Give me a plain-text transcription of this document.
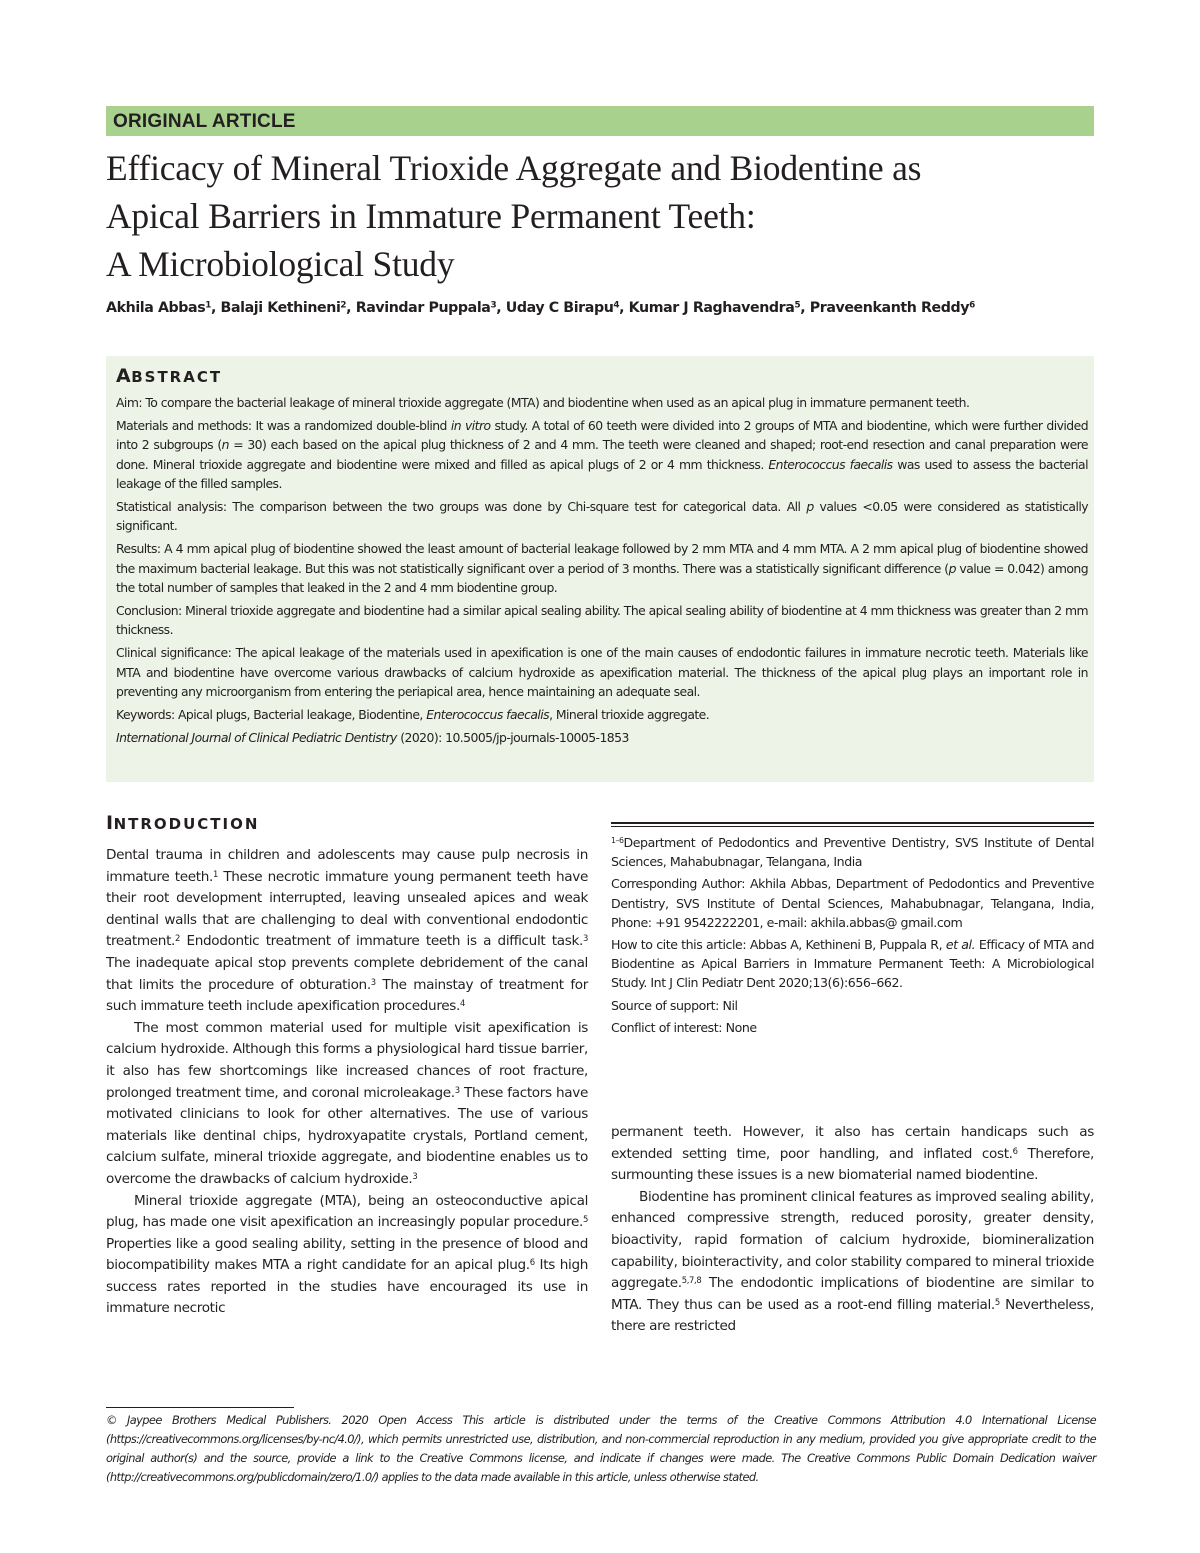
ORIGINAL ARTICLE
Efficacy of Mineral Trioxide Aggregate and Biodentine as
Apical Barriers in Immature Permanent Teeth:
A Microbiological Study
Akhila Abbas$^1$, Balaji Kethineni$^2$, Ravindar Puppala$^3$, Uday C Birapu$^4$, Kumar J Raghavendra$^5$, Praveenkanth Reddy$^6$
ABSTRACT

Aim: To compare the bacterial leakage of mineral trioxide aggregate (MTA) and biodentine when used as an apical plug in immature permanent teeth.

Materials and methods: It was a randomized double-blind in vitro study. A total of 60 teeth were divided into 2 groups of MTA and biodentine, which were further divided into 2 subgroups (n = 30) each based on the apical plug thickness of 2 and 4 mm. The teeth were cleaned and shaped; root-end resection and canal preparation were done. Mineral trioxide aggregate and biodentine were mixed and filled as apical plugs of 2 or 4 mm thickness. Enterococcus faecalis was used to assess the bacterial leakage of the filled samples.

Statistical analysis: The comparison between the two groups was done by Chi-square test for categorical data. All p values <0.05 were considered as statistically significant.

Results: A 4 mm apical plug of biodentine showed the least amount of bacterial leakage followed by 2 mm MTA and 4 mm MTA. A 2 mm apical plug of biodentine showed the maximum bacterial leakage. But this was not statistically significant over a period of 3 months. There was a statistically significant difference (p value = 0.042) among the total number of samples that leaked in the 2 and 4 mm biodentine group.

Conclusion: Mineral trioxide aggregate and biodentine had a similar apical sealing ability. The apical sealing ability of biodentine at 4 mm thickness was greater than 2 mm thickness.

Clinical significance: The apical leakage of the materials used in apexification is one of the main causes of endodontic failures in immature necrotic teeth. Materials like MTA and biodentine have overcome various drawbacks of calcium hydroxide as apexification material. The thickness of the apical plug plays an important role in preventing any microorganism from entering the periapical area, hence maintaining an adequate seal.

Keywords: Apical plugs, Bacterial leakage, Biodentine, Enterococcus faecalis, Mineral trioxide aggregate.

International Journal of Clinical Pediatric Dentistry (2020): 10.5005/jp-journals-10005-1853

INTRODUCTION

Dental trauma in children and adolescents may cause pulp necrosis in immature teeth.$^1$ These necrotic immature young permanent teeth have their root development interrupted, leaving unsealed apices and weak dentinal walls that are challenging to deal with conventional endodontic treatment.$^2$ Endodontic treatment of immature teeth is a difficult task.$^3$ The inadequate apical stop prevents complete debridement of the canal that limits the procedure of obturation.$^3$ The mainstay of treatment for such immature teeth include apexification procedures.$^4$

The most common material used for multiple visit apexification is calcium hydroxide. Although this forms a physiological hard tissue barrier, it also has few shortcomings like increased chances of root fracture, prolonged treatment time, and coronal microleakage.$^3$ These factors have motivated clinicians to look for other alternatives. The use of various materials like dentinal chips, hydroxyapatite crystals, Portland cement, calcium sulfate, mineral trioxide aggregate, and biodentine enables us to overcome the drawbacks of calcium hydroxide.$^3$

Mineral trioxide aggregate (MTA), being an osteoconductive apical plug, has made one visit apexification an increasingly popular procedure.$^5$ Properties like a good sealing ability, setting in the presence of blood and biocompatibility makes MTA a right candidate for an apical plug.$^6$ Its high success rates reported in the studies have encouraged its use in immature necrotic

$^{1-6}$Department of Pedodontics and Preventive Dentistry, SVS Institute of Dental Sciences, Mahabubnagar, Telangana, India

Corresponding Author: Akhila Abbas, Department of Pedodontics and Preventive Dentistry, SVS Institute of Dental Sciences, Mahabubnagar, Telangana, India, Phone: +91 9542222201, e-mail: akhila.abbas@ gmail.com

How to cite this article: Abbas A, Kethineni B, Puppala R, et al. Efficacy of MTA and Biodentine as Apical Barriers in Immature Permanent Teeth: A Microbiological Study. Int J Clin Pediatr Dent 2020;13(6):656–662.

Source of support: Nil

Conflict of interest: None

permanent teeth. However, it also has certain handicaps such as extended setting time, poor handling, and inflated cost.$^6$ Therefore, surmounting these issues is a new biomaterial named biodentine.

Biodentine has prominent clinical features as improved sealing ability, enhanced compressive strength, reduced porosity, greater density, bioactivity, rapid formation of calcium hydroxide, biomineralization capability, biointeractivity, and color stability compared to mineral trioxide aggregate.$^{5,7,8}$ The endodontic implications of biodentine are similar to MTA. They thus can be used as a root-end filling material.$^5$ Nevertheless, there are restricted

© Jaypee Brothers Medical Publishers. 2020 Open Access This article is distributed under the terms of the Creative Commons Attribution 4.0 International License (https://creativecommons.org/licenses/by-nc/4.0/), which permits unrestricted use, distribution, and non-commercial reproduction in any medium, provided you give appropriate credit to the original author(s) and the source, provide a link to the Creative Commons license, and indicate if changes were made. The Creative Commons Public Domain Dedication waiver (http://creativecommons.org/publicdomain/zero/1.0/) applies to the data made available in this article, unless otherwise stated.
